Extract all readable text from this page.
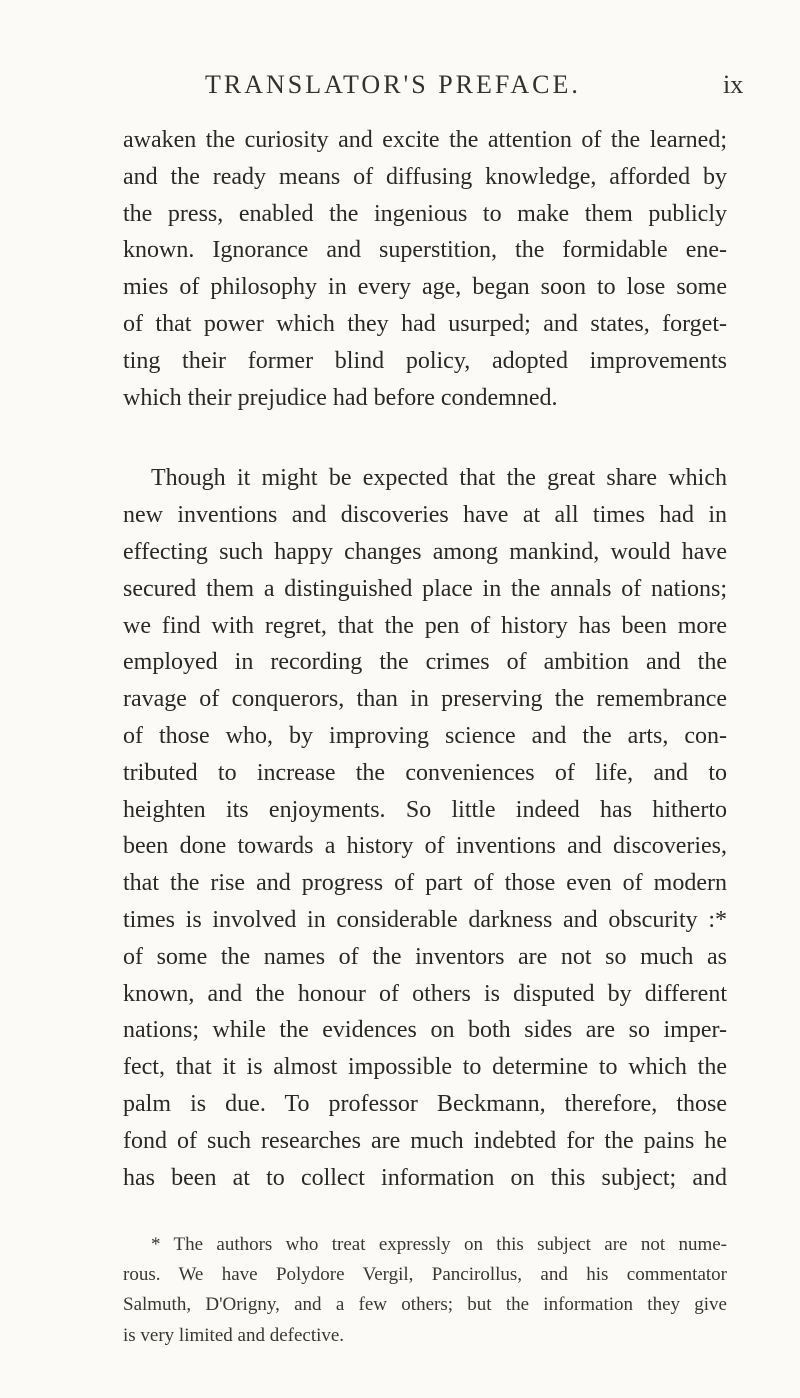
TRANSLATOR'S PREFACE.	ix

awaken the curiosity and excite the attention of the learned;
and the ready means of diffusing knowledge, afforded by
the press, enabled the ingenious to make them publicly
known. Ignorance and superstition, the formidable ene-
mies of philosophy in every age, began soon to lose some
of that power which they had usurped; and states, forget-
ting their former blind policy, adopted improvements
which their prejudice had before condemned.

Though it might be expected that the great share which
new inventions and discoveries have at all times had in
effecting such happy changes among mankind, would have
secured them a distinguished place in the annals of nations;
we find with regret, that the pen of history has been more
employed in recording the crimes of ambition and the
ravage of conquerors, than in preserving the remembrance
of those who, by improving science and the arts, con-
tributed to increase the conveniences of life, and to
heighten its enjoyments. So little indeed has hitherto
been done towards a history of inventions and discoveries,
that the rise and progress of part of those even of modern
times is involved in considerable darkness and obscurity :*
of some the names of the inventors are not so much as
known, and the honour of others is disputed by different
nations; while the evidences on both sides are so imper-
fect, that it is almost impossible to determine to which the
palm is due. To professor Beckmann, therefore, those
fond of such researches are much indebted for the pains he
has been at to collect information on this subject; and

* The authors who treat expressly on this subject are not nume-
rous. We have Polydore Vergil, Pancirollus, and his commentator
Salmuth, D'Origny, and a few others; but the information they give
is very limited and defective.
